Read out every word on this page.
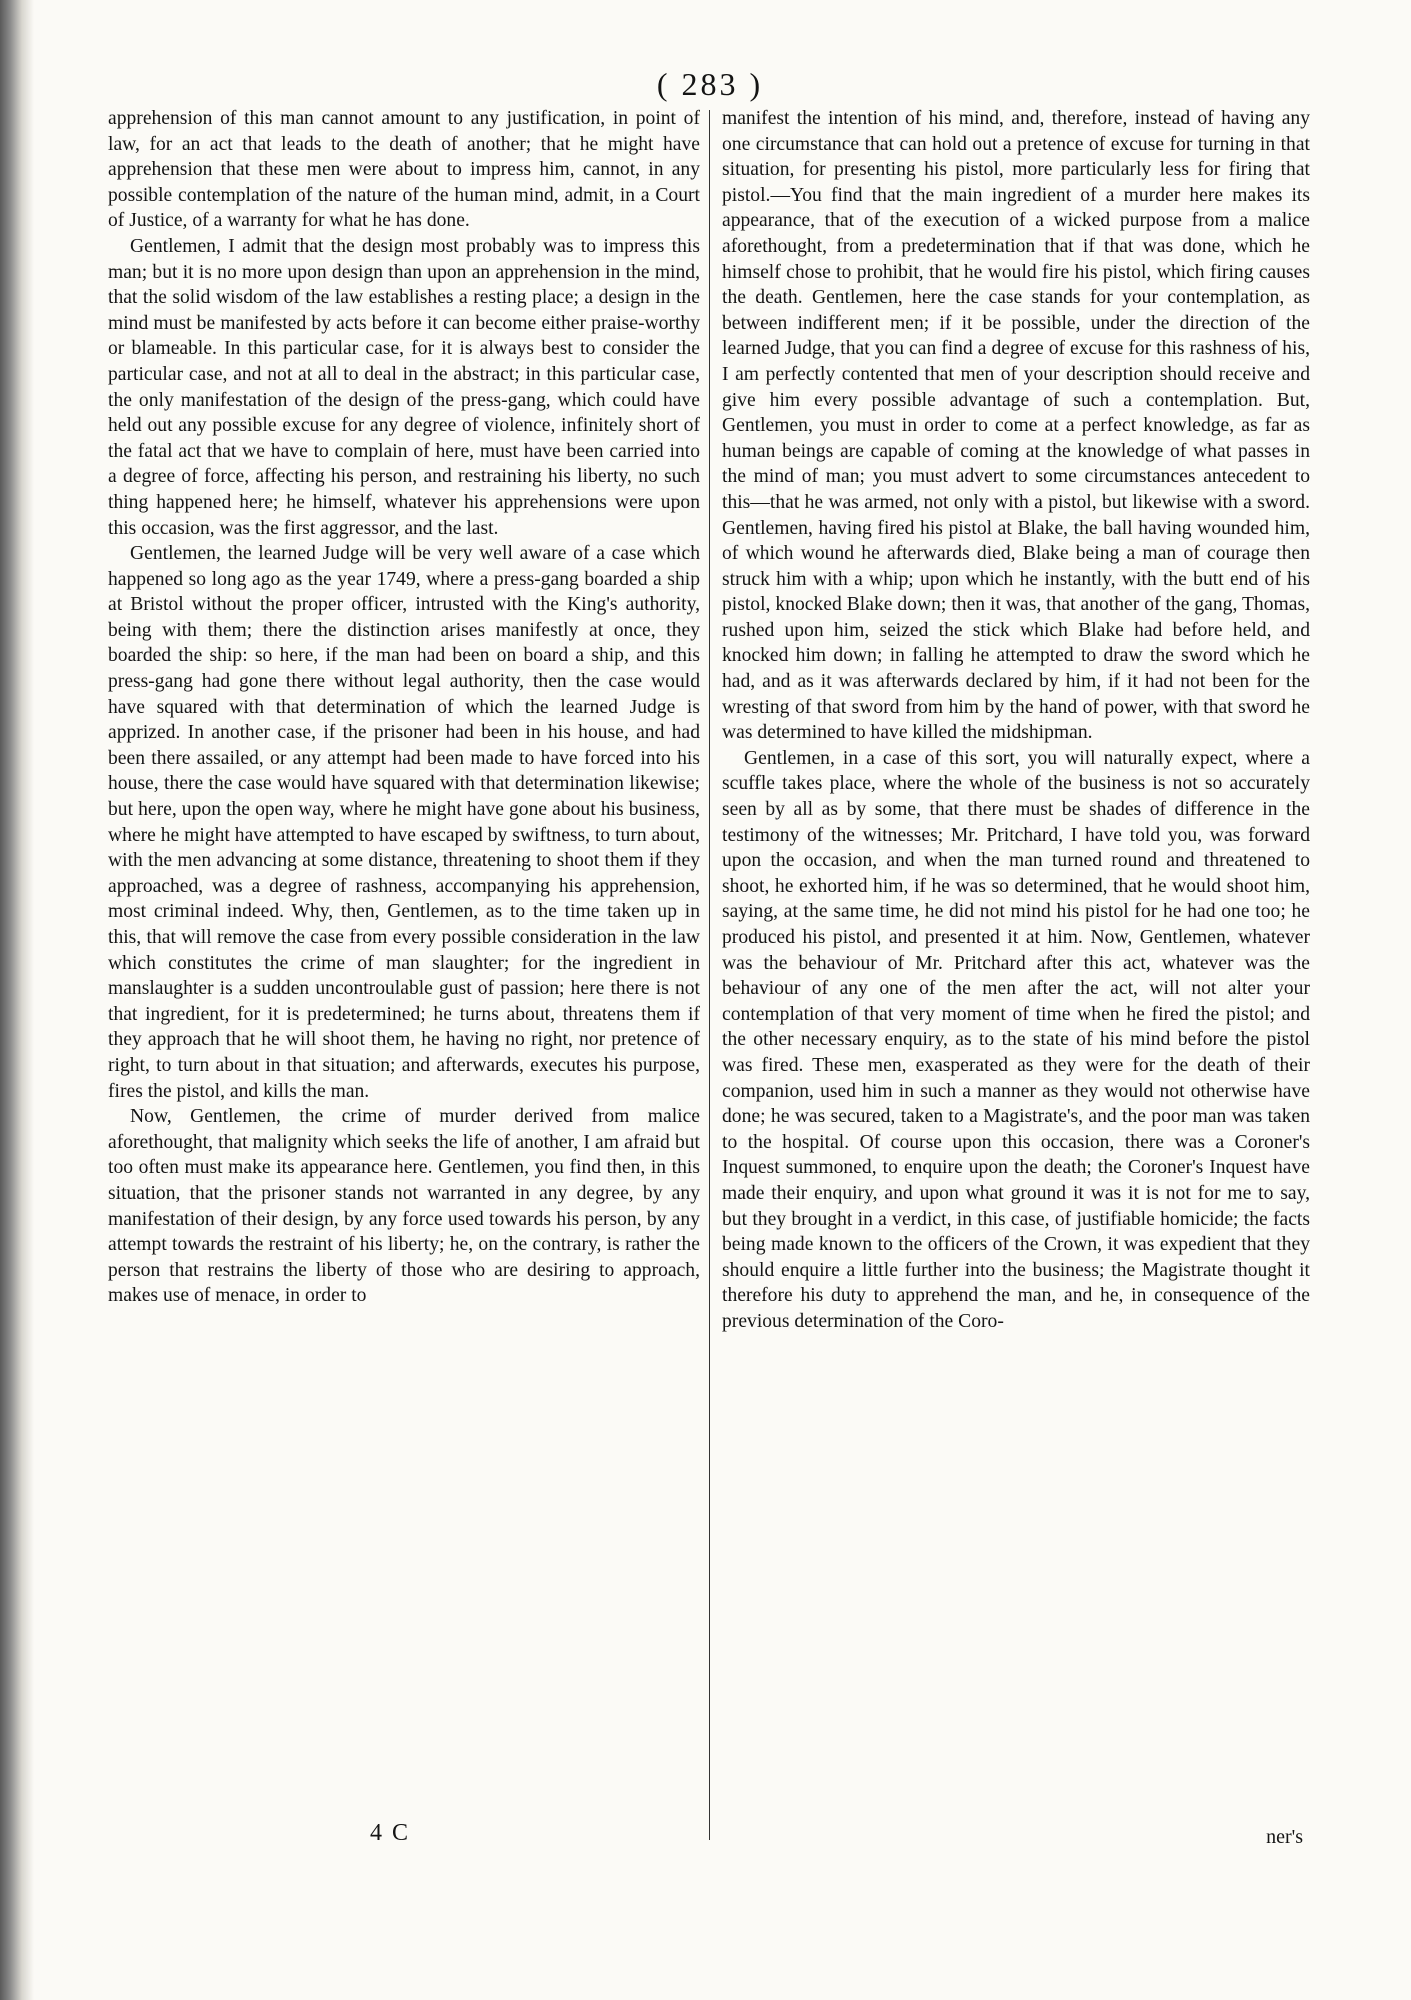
( 283 )

apprehension of this man cannot amount to any justification, in point of law, for an act that leads to the death of another; that he might have apprehension that these men were about to impress him, cannot, in any possible contemplation of the nature of the human mind, admit, in a Court of Justice, of a warranty for what he has done.

Gentlemen, I admit that the design most probably was to impress this man; but it is no more upon design than upon an apprehension in the mind, that the solid wisdom of the law establishes a resting place; a design in the mind must be manifested by acts before it can become either praise-worthy or blameable. In this particular case, for it is always best to consider the particular case, and not at all to deal in the abstract; in this particular case, the only manifestation of the design of the press-gang, which could have held out any possible excuse for any degree of violence, infinitely short of the fatal act that we have to complain of here, must have been carried into a degree of force, affecting his person, and restraining his liberty, no such thing happened here; he himself, whatever his apprehensions were upon this occasion, was the first aggressor, and the last.

Gentlemen, the learned Judge will be very well aware of a case which happened so long ago as the year 1749, where a press-gang boarded a ship at Bristol without the proper officer, intrusted with the King's authority, being with them; there the distinction arises manifestly at once, they boarded the ship: so here, if the man had been on board a ship, and this press-gang had gone there without legal authority, then the case would have squared with that determination of which the learned Judge is apprized. In another case, if the prisoner had been in his house, and had been there assailed, or any attempt had been made to have forced into his house, there the case would have squared with that determination likewise; but here, upon the open way, where he might have gone about his business, where he might have attempted to have escaped by swiftness, to turn about, with the men advancing at some distance, threatening to shoot them if they approached, was a degree of rashness, accompanying his apprehension, most criminal indeed. Why, then, Gentlemen, as to the time taken up in this, that will remove the case from every possible consideration in the law which constitutes the crime of man slaughter; for the ingredient in manslaughter is a sudden uncontroulable gust of passion; here there is not that ingredient, for it is predetermined; he turns about, threatens them if they approach that he will shoot them, he having no right, nor pretence of right, to turn about in that situation; and afterwards, executes his purpose, fires the pistol, and kills the man.

Now, Gentlemen, the crime of murder derived from malice aforethought, that malignity which seeks the life of another, I am afraid but too often must make its appearance here. Gentlemen, you find then, in this situation, that the prisoner stands not warranted in any degree, by any manifestation of their design, by any force used towards his person, by any attempt towards the restraint of his liberty; he, on the contrary, is rather the person that restrains the liberty of those who are desiring to approach, makes use of menace, in order to

manifest the intention of his mind, and, therefore, instead of having any one circumstance that can hold out a pretence of excuse for turning in that situation, for presenting his pistol, more particularly less for firing that pistol.—You find that the main ingredient of a murder here makes its appearance, that of the execution of a wicked purpose from a malice aforethought, from a predetermination that if that was done, which he himself chose to prohibit, that he would fire his pistol, which firing causes the death. Gentlemen, here the case stands for your contemplation, as between indifferent men; if it be possible, under the direction of the learned Judge, that you can find a degree of excuse for this rashness of his, I am perfectly contented that men of your description should receive and give him every possible advantage of such a contemplation. But, Gentlemen, you must in order to come at a perfect knowledge, as far as human beings are capable of coming at the knowledge of what passes in the mind of man; you must advert to some circumstances antecedent to this—that he was armed, not only with a pistol, but likewise with a sword. Gentlemen, having fired his pistol at Blake, the ball having wounded him, of which wound he afterwards died, Blake being a man of courage then struck him with a whip; upon which he instantly, with the butt end of his pistol, knocked Blake down; then it was, that another of the gang, Thomas, rushed upon him, seized the stick which Blake had before held, and knocked him down; in falling he attempted to draw the sword which he had, and as it was afterwards declared by him, if it had not been for the wresting of that sword from him by the hand of power, with that sword he was determined to have killed the midshipman.

Gentlemen, in a case of this sort, you will naturally expect, where a scuffle takes place, where the whole of the business is not so accurately seen by all as by some, that there must be shades of difference in the testimony of the witnesses; Mr. Pritchard, I have told you, was forward upon the occasion, and when the man turned round and threatened to shoot, he exhorted him, if he was so determined, that he would shoot him, saying, at the same time, he did not mind his pistol for he had one too; he produced his pistol, and presented it at him. Now, Gentlemen, whatever was the behaviour of Mr. Pritchard after this act, whatever was the behaviour of any one of the men after the act, will not alter your contemplation of that very moment of time when he fired the pistol; and the other necessary enquiry, as to the state of his mind before the pistol was fired. These men, exasperated as they were for the death of their companion, used him in such a manner as they would not otherwise have done; he was secured, taken to a Magistrate's, and the poor man was taken to the hospital. Of course upon this occasion, there was a Coroner's Inquest summoned, to enquire upon the death; the Coroner's Inquest have made their enquiry, and upon what ground it was it is not for me to say, but they brought in a verdict, in this case, of justifiable homicide; the facts being made known to the officers of the Crown, it was expedient that they should enquire a little further into the business; the Magistrate thought it therefore his duty to apprehend the man, and he, in consequence of the previous determination of the Coro-

4 C	ner's
